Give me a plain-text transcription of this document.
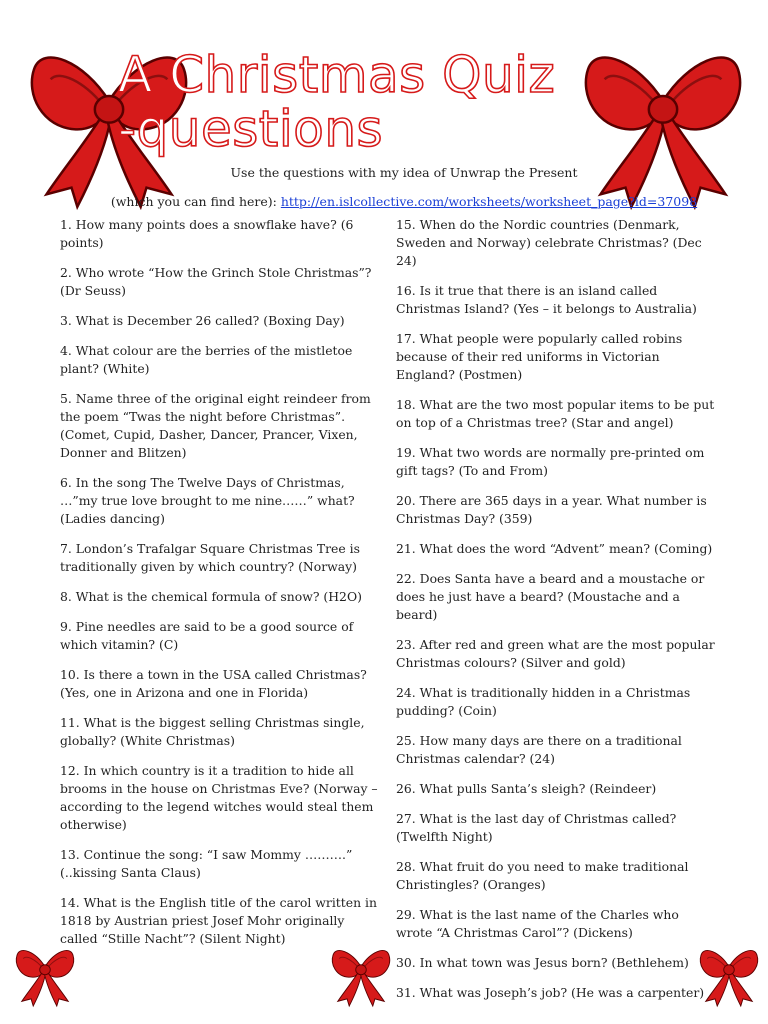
A Christmas Quiz
-questions
Use the questions with my idea of Unwrap the Present
(which you can find here): http://en.islcollective.com/worksheets/worksheet_page?id=37098

1. How many points does a snowflake have? (6 points)

2. Who wrote “How the Grinch Stole Christmas”? (Dr Seuss)

3. What is December 26 called? (Boxing Day)

4. What colour are the berries of the mistletoe plant? (White)

5. Name three of the original eight reindeer from the poem “Twas the night before Christmas”. (Comet, Cupid, Dasher, Dancer, Prancer, Vixen, Donner and Blitzen)

6. In the song The Twelve Days of Christmas, …”my true love brought to me nine……” what? (Ladies dancing)

7. London’s Trafalgar Square Christmas Tree is traditionally given by which country? (Norway)

8. What is the chemical formula of snow? (H2O)

9. Pine needles are said to be a good source of which vitamin? (C)

10. Is there a town in the USA called Christmas? (Yes, one in Arizona and one in Florida)

11. What is the biggest selling Christmas single, globally? (White Christmas)

12. In which country is it a tradition to hide all brooms in the house on Christmas Eve? (Norway – according to the legend witches would steal them otherwise)

13. Continue the song: “I saw Mommy ……….” (..kissing Santa Claus)

14. What is the English title of the carol written in 1818 by Austrian priest Josef Mohr originally called “Stille Nacht”? (Silent Night)

15. When do the Nordic countries (Denmark, Sweden and Norway) celebrate Christmas? (Dec 24)

16. Is it true that there is an island called Christmas Island? (Yes – it belongs to Australia)

17. What people were popularly called robins because of their red uniforms in Victorian England? (Postmen)

18. What are the two most popular items to be put on top of a Christmas tree? (Star and angel)

19. What two words are normally pre-printed om gift tags? (To and From)

20. There are 365 days in a year. What number is Christmas Day? (359)

21. What does the word “Advent” mean? (Coming)

22. Does Santa have a beard and a moustache or does he just have a beard? (Moustache and a beard)

23. After red and green what are the most popular Christmas colours? (Silver and gold)

24. What is traditionally hidden in a Christmas pudding? (Coin)

25. How many days are there on a traditional Christmas calendar? (24)

26. What pulls Santa’s sleigh? (Reindeer)

27. What is the last day of Christmas called? (Twelfth Night)

28. What fruit do you need to make traditional Christingles? (Oranges)

29. What is the last name of the Charles who wrote “A Christmas Carol”? (Dickens)

30. In what town was Jesus born? (Bethlehem)

31. What was Joseph’s job? (He was a carpenter)
